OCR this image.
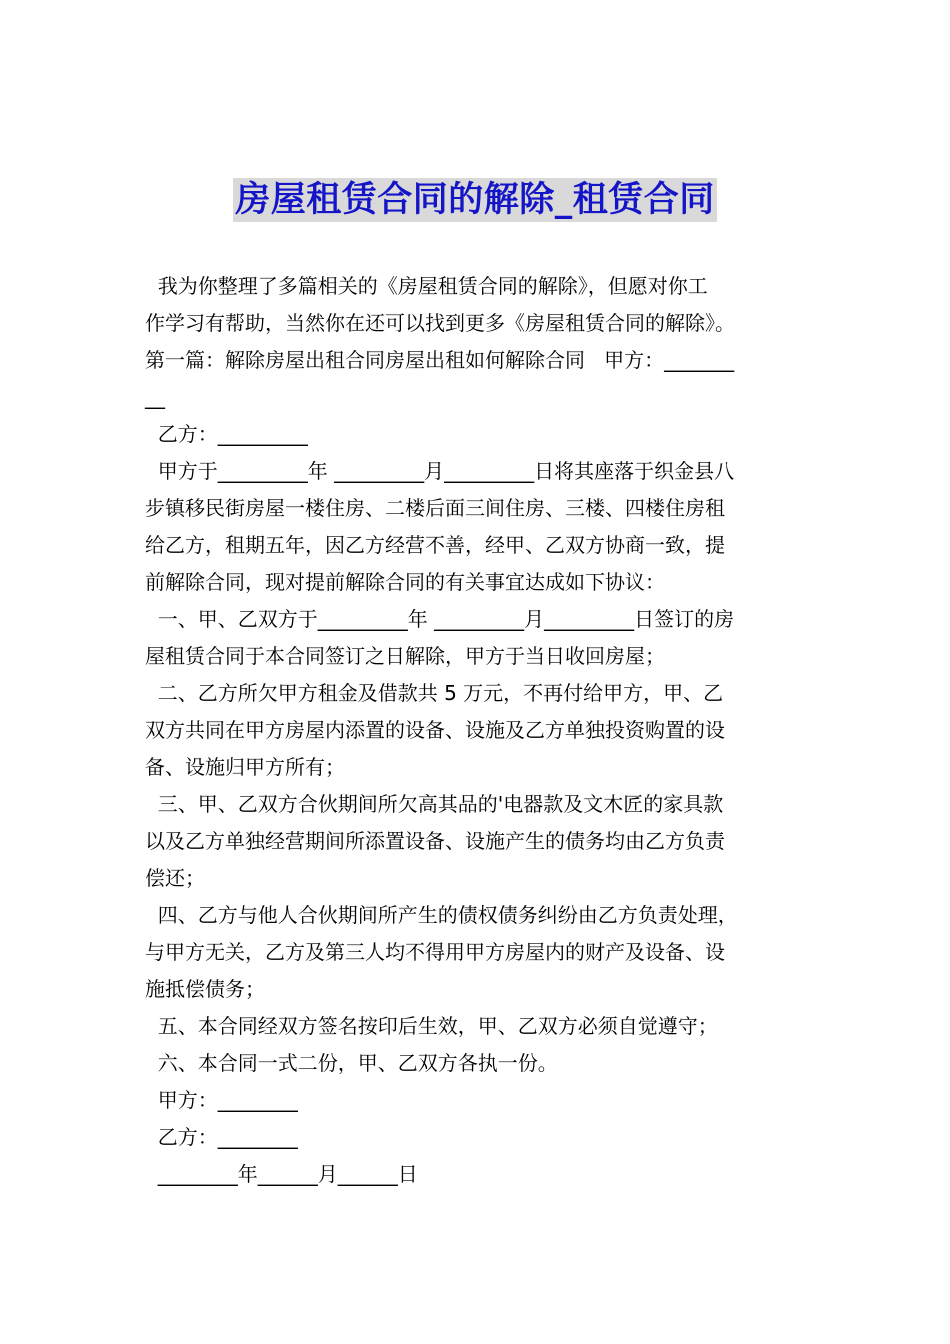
房屋租赁合同的解除_租赁合同
我为你整理了多篇相关的《房屋租赁合同的解除》，但愿对你工
作学习有帮助，当然你在还可以找到更多《房屋租赁合同的解除》。
第一篇：解除房屋出租合同房屋出租如何解除合同   甲方：_______
__
乙方：_________
甲方于_________年 _________月_________日将其座落于织金县八
步镇移民街房屋一楼住房、二楼后面三间住房、三楼、四楼住房租
给乙方，租期五年，因乙方经营不善，经甲、乙双方协商一致，提
前解除合同，现对提前解除合同的有关事宜达成如下协议：
一、甲、乙双方于_________年 _________月_________日签订的房
屋租赁合同于本合同签订之日解除，甲方于当日收回房屋；
二、乙方所欠甲方租金及借款共 5 万元，不再付给甲方，甲、乙
双方共同在甲方房屋内添置的设备、设施及乙方单独投资购置的设
备、设施归甲方所有；
三、甲、乙双方合伙期间所欠高其品的'电器款及文木匠的家具款
以及乙方单独经营期间所添置设备、设施产生的债务均由乙方负责
偿还；
四、乙方与他人合伙期间所产生的债权债务纠纷由乙方负责处理，
与甲方无关，乙方及第三人均不得用甲方房屋内的财产及设备、设
施抵偿债务；
五、本合同经双方签名按印后生效，甲、乙双方必须自觉遵守；
六、本合同一式二份，甲、乙双方各执一份。
甲方：________
乙方：________
________年______月______日
